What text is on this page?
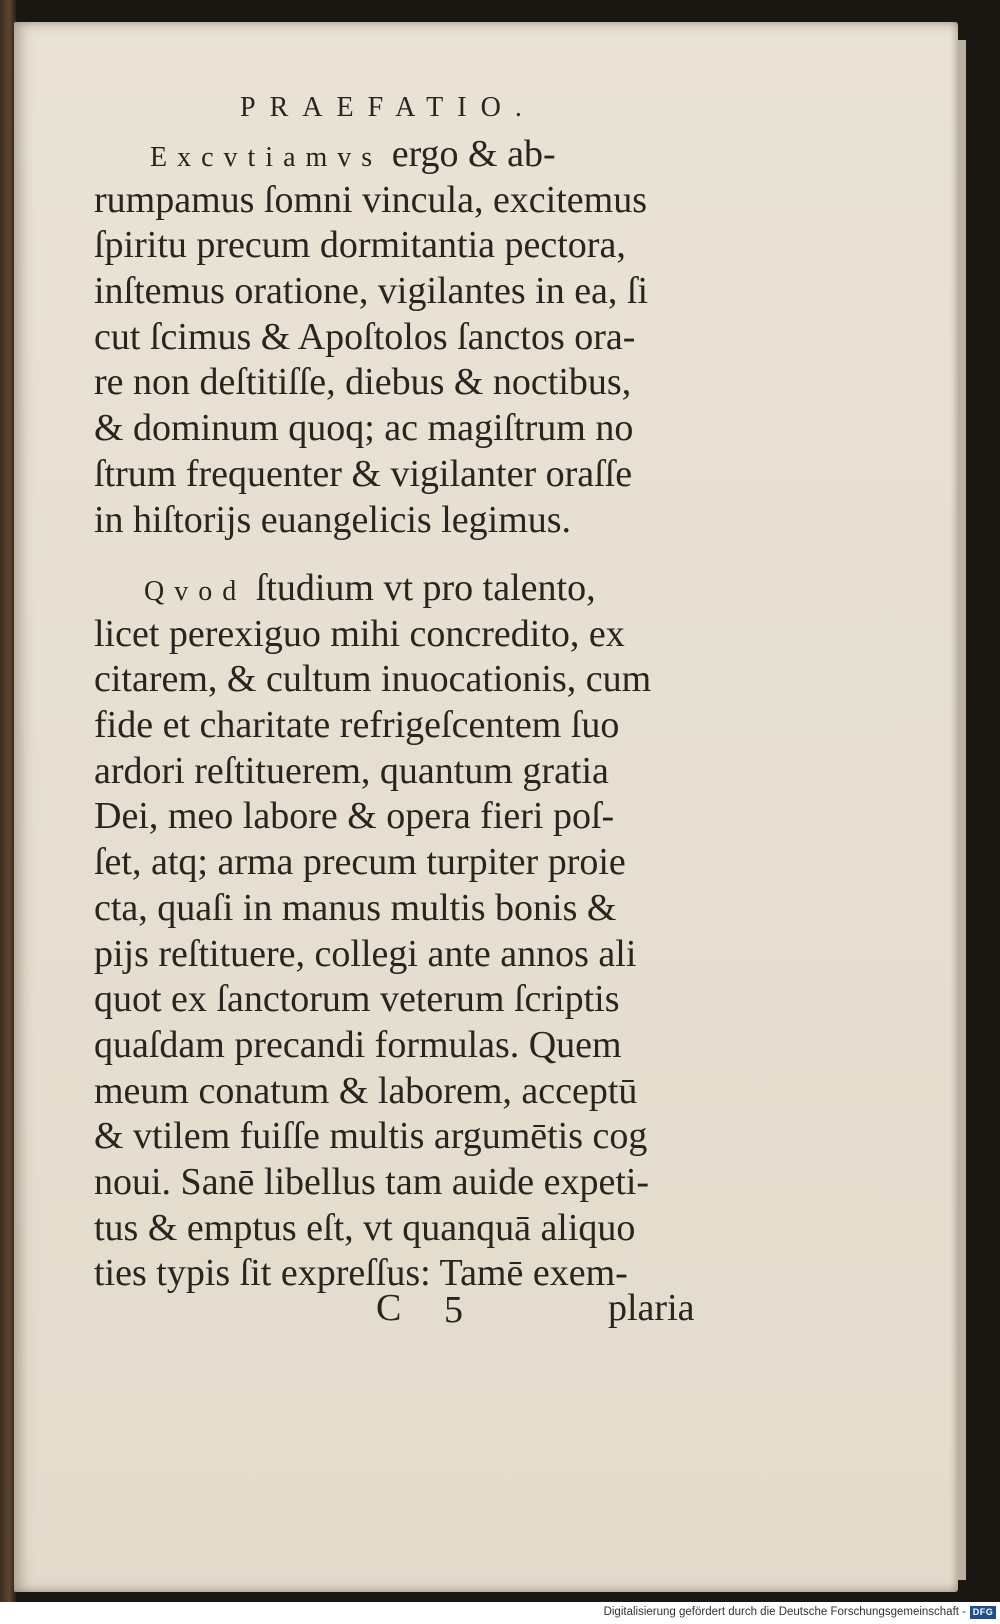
PRAEFATIO.
Excvtiamvs ergo & ab-
rumpamus ſomni vincula, excitemus
ſpiritu precum dormitantia pectora,
inſtemus oratione, vigilantes in ea, ſi
cut ſcimus & Apoſtolos ſanctos ora-
re non deſtitiſſe, diebus & noctibus,
& dominum quoq; ac magiſtrum no
ſtrum frequenter & vigilanter oraſſe
in hiſtorijs euangelicis legimus.
Qvod ſtudium vt pro talento,
licet perexiguo mihi concredito, ex
citarem, & cultum inuocationis, cum
fide et charitate refrigeſcentem ſuo
ardori reſtituerem, quantum gratia
Dei, meo labore & opera fieri poſ-
ſet, atq; arma precum turpiter proie
cta, quaſi in manus multis bonis &
pijs reſtituere, collegi ante annos ali
quot ex ſanctorum veterum ſcriptis
quaſdam precandi formulas. Quem
meum conatum & laborem, acceptū
& vtilem fuiſſe multis argumētis cog
noui. Sanē libellus tam auide expeti-
tus & emptus eſt, vt quanquā aliquo
ties typis ſit expreſſus: Tamē exem-
C 5	plaria
Digitalisierung gefördert durch die Deutsche Forschungsgemeinschaft - DFG
